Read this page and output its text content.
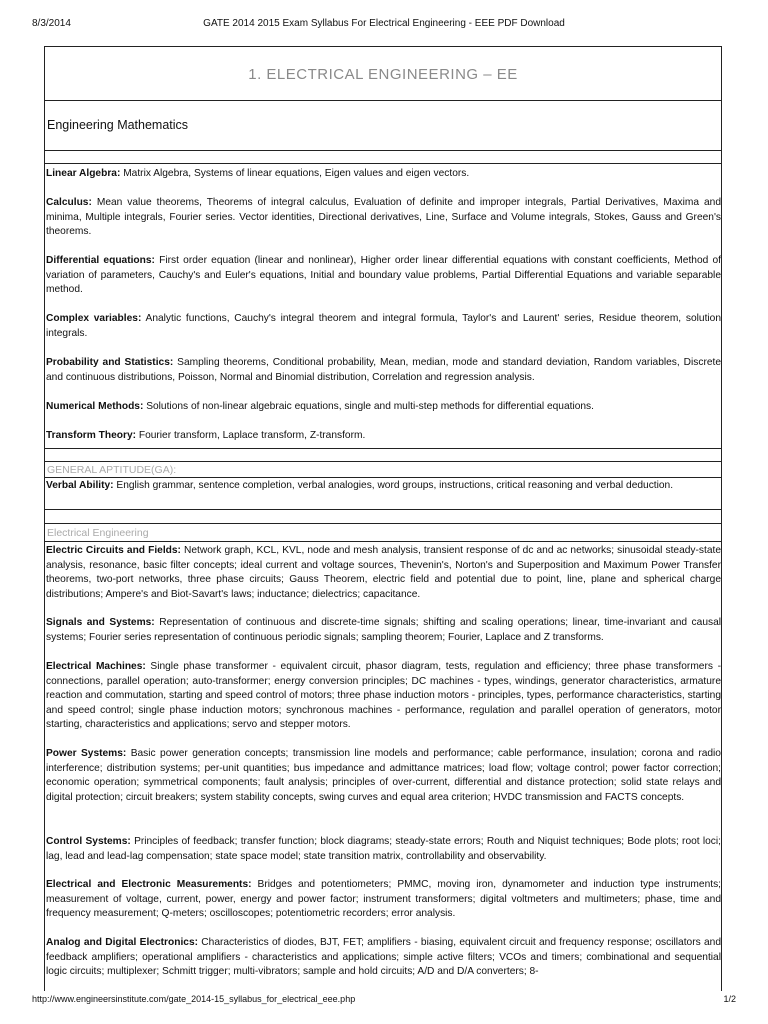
8/3/2014	GATE 2014 2015 Exam Syllabus For Electrical Engineering - EEE PDF Download
1. ELECTRICAL ENGINEERING – EE
Engineering Mathematics
Linear Algebra: Matrix Algebra, Systems of linear equations, Eigen values and eigen vectors.
Calculus: Mean value theorems, Theorems of integral calculus, Evaluation of definite and improper integrals, Partial Derivatives, Maxima and minima, Multiple integrals, Fourier series. Vector identities, Directional derivatives, Line, Surface and Volume integrals, Stokes, Gauss and Green's theorems.
Differential equations: First order equation (linear and nonlinear), Higher order linear differential equations with constant coefficients, Method of variation of parameters, Cauchy's and Euler's equations, Initial and boundary value problems, Partial Differential Equations and variable separable method.
Complex variables: Analytic functions, Cauchy's integral theorem and integral formula, Taylor's and Laurent' series, Residue theorem, solution integrals.
Probability and Statistics: Sampling theorems, Conditional probability, Mean, median, mode and standard deviation, Random variables, Discrete and continuous distributions, Poisson, Normal and Binomial distribution, Correlation and regression analysis.
Numerical Methods: Solutions of non-linear algebraic equations, single and multi-step methods for differential equations.
Transform Theory: Fourier transform, Laplace transform, Z-transform.
GENERAL APTITUDE(GA):
Verbal Ability: English grammar, sentence completion, verbal analogies, word groups, instructions, critical reasoning and verbal deduction.
Electrical Engineering
Electric Circuits and Fields: Network graph, KCL, KVL, node and mesh analysis, transient response of dc and ac networks; sinusoidal steady-state analysis, resonance, basic filter concepts; ideal current and voltage sources, Thevenin's, Norton's and Superposition and Maximum Power Transfer theorems, two-port networks, three phase circuits; Gauss Theorem, electric field and potential due to point, line, plane and spherical charge distributions; Ampere's and Biot-Savart's laws; inductance; dielectrics; capacitance.
Signals and Systems: Representation of continuous and discrete-time signals; shifting and scaling operations; linear, time-invariant and causal systems; Fourier series representation of continuous periodic signals; sampling theorem; Fourier, Laplace and Z transforms.
Electrical Machines: Single phase transformer - equivalent circuit, phasor diagram, tests, regulation and efficiency; three phase transformers - connections, parallel operation; auto-transformer; energy conversion principles; DC machines - types, windings, generator characteristics, armature reaction and commutation, starting and speed control of motors; three phase induction motors - principles, types, performance characteristics, starting and speed control; single phase induction motors; synchronous machines - performance, regulation and parallel operation of generators, motor starting, characteristics and applications; servo and stepper motors.
Power Systems: Basic power generation concepts; transmission line models and performance; cable performance, insulation; corona and radio interference; distribution systems; per-unit quantities; bus impedance and admittance matrices; load flow; voltage control; power factor correction; economic operation; symmetrical components; fault analysis; principles of over-current, differential and distance protection; solid state relays and digital protection; circuit breakers; system stability concepts, swing curves and equal area criterion; HVDC transmission and FACTS concepts.
Control Systems: Principles of feedback; transfer function; block diagrams; steady-state errors; Routh and Niquist techniques; Bode plots; root loci; lag, lead and lead-lag compensation; state space model; state transition matrix, controllability and observability.
Electrical and Electronic Measurements: Bridges and potentiometers; PMMC, moving iron, dynamometer and induction type instruments; measurement of voltage, current, power, energy and power factor; instrument transformers; digital voltmeters and multimeters; phase, time and frequency measurement; Q-meters; oscilloscopes; potentiometric recorders; error analysis.
Analog and Digital Electronics: Characteristics of diodes, BJT, FET; amplifiers - biasing, equivalent circuit and frequency response; oscillators and feedback amplifiers; operational amplifiers - characteristics and applications; simple active filters; VCOs and timers; combinational and sequential logic circuits; multiplexer; Schmitt trigger; multi-vibrators; sample and hold circuits; A/D and D/A converters; 8-
http://www.engineersinstitute.com/gate_2014-15_syllabus_for_electrical_eee.php	1/2
